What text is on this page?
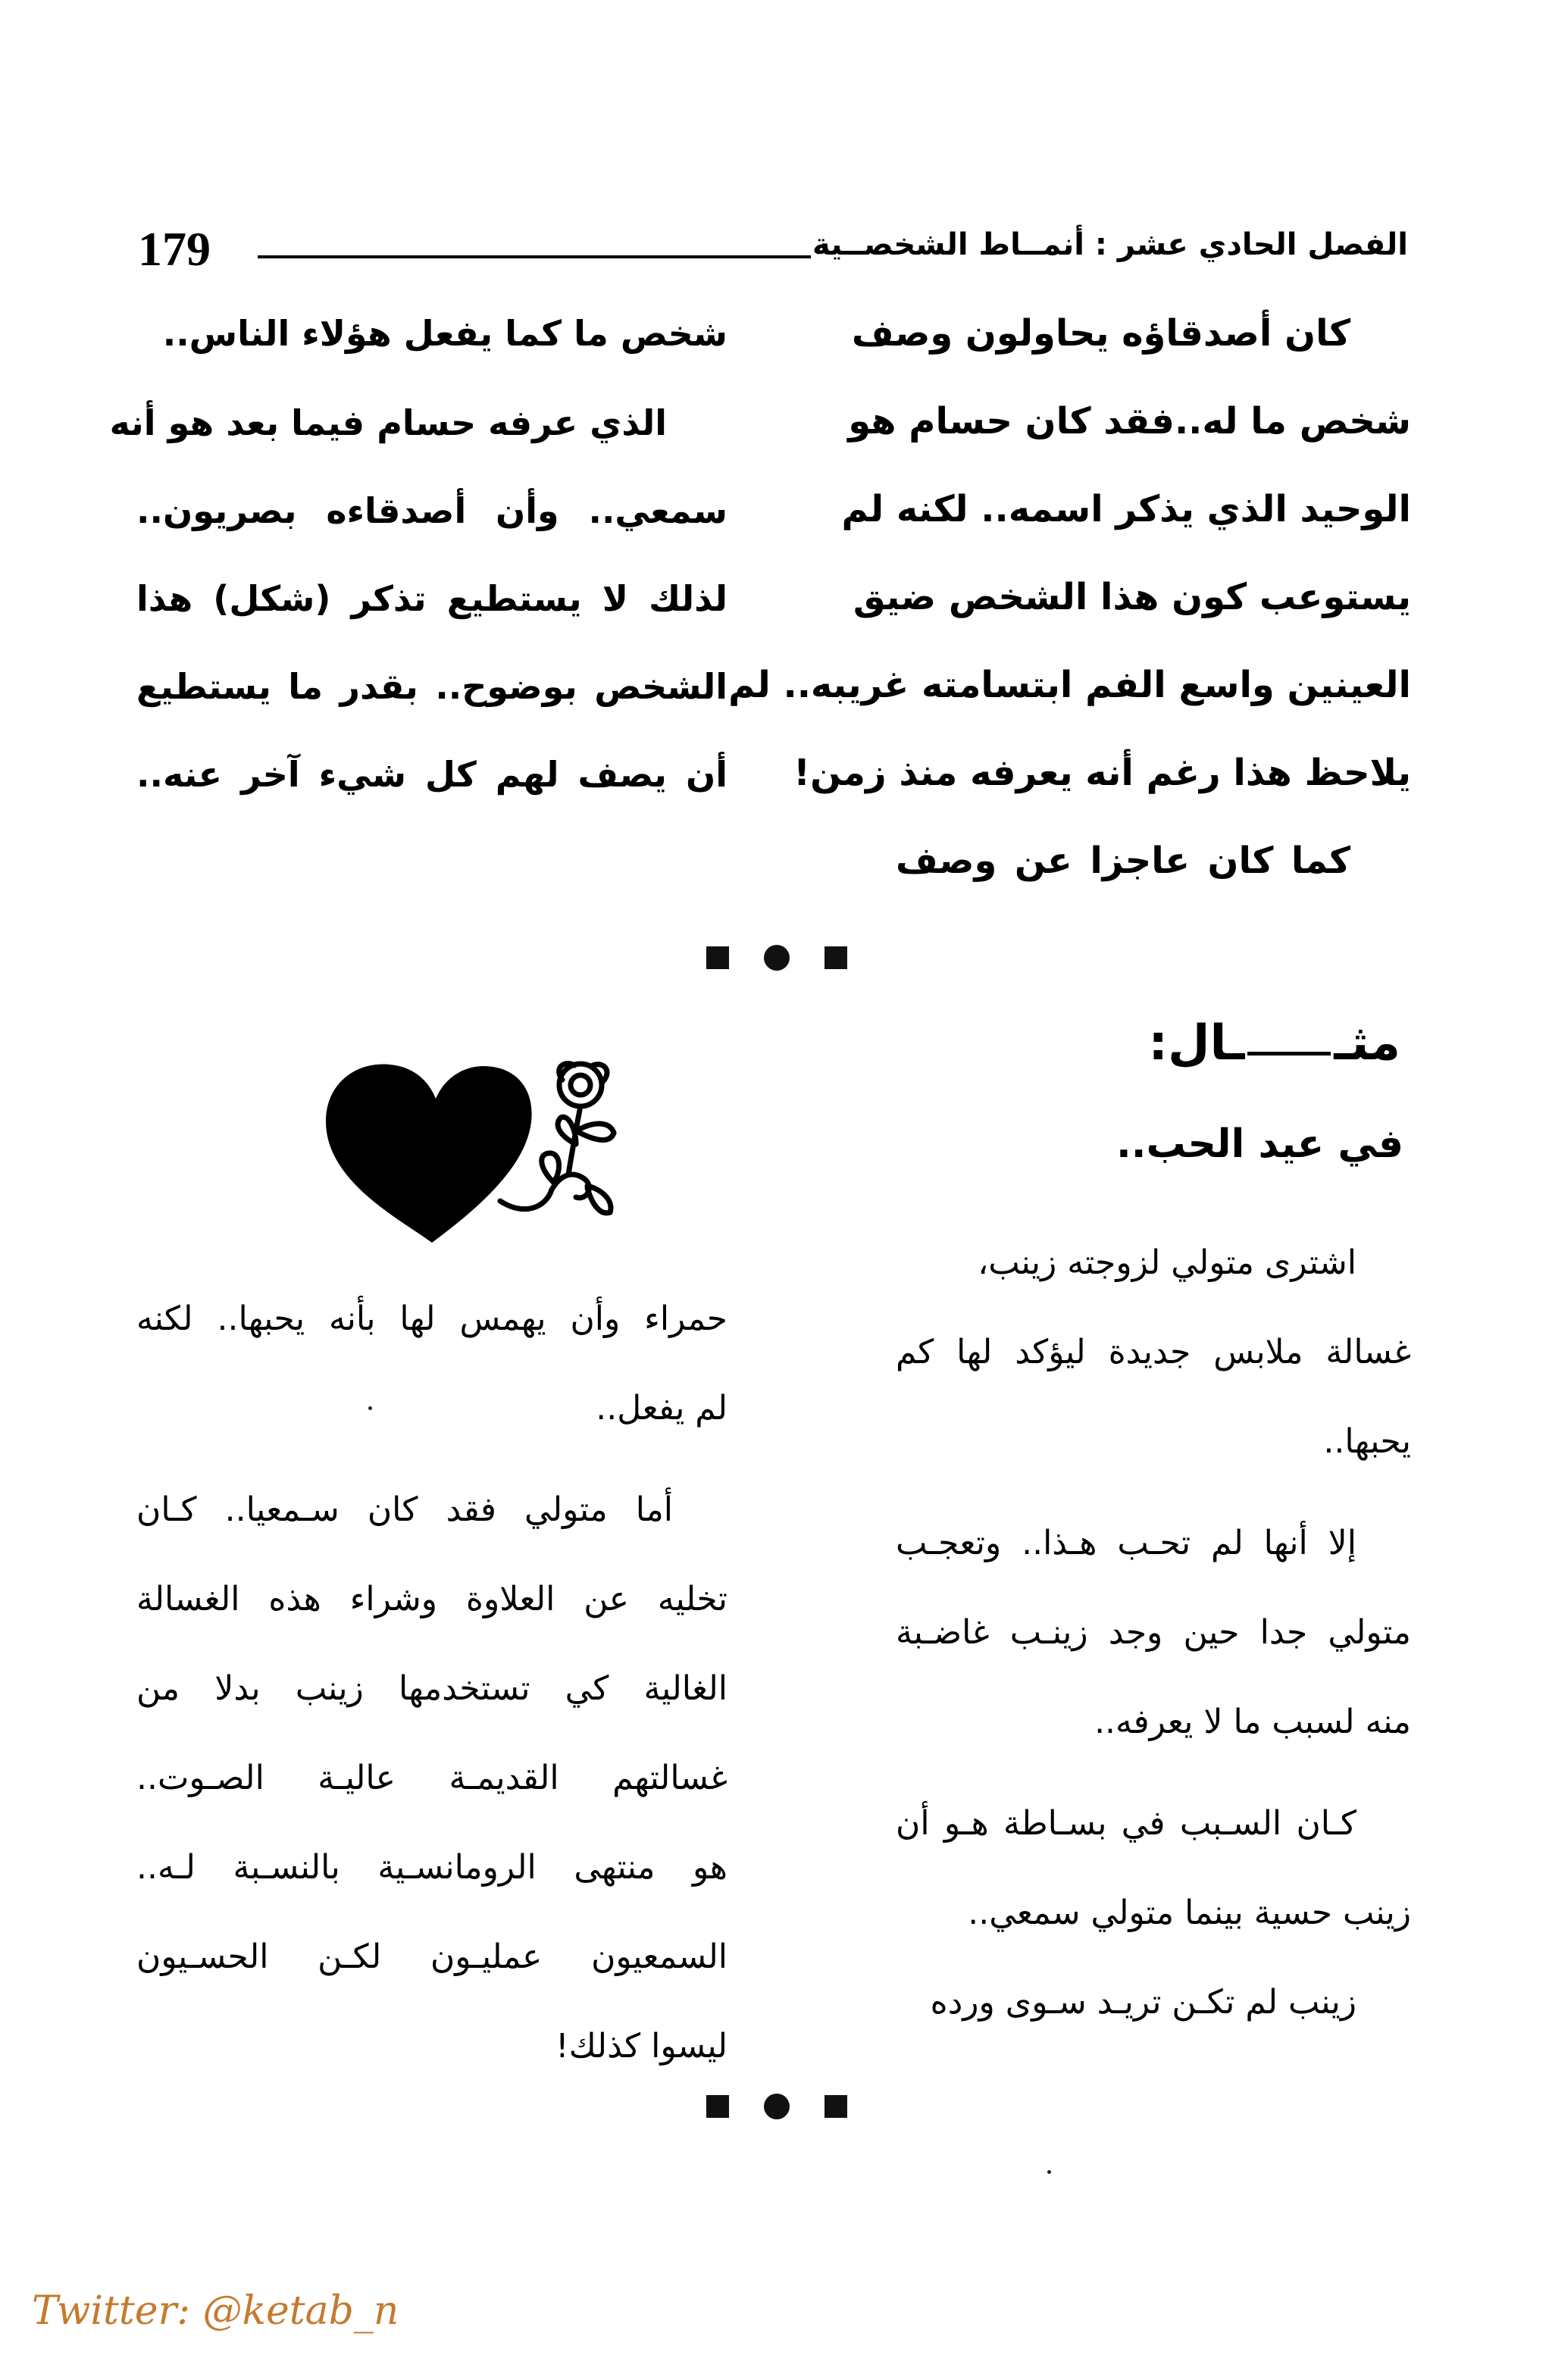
179	الفصل الحادي عشر : أنمــاط الشخصــية
كان أصدقاؤه يحاولون وصف
شخص ما له..فقد كان حسام هو
الوحيد الذي يذكر اسمه.. لكنه لم
يستوعب كون هذا الشخص ضيق
العينين واسع الفم ابتسامته غريبه.. لم
يلاحظ هذا رغم أنه يعرفه منذ زمن!
كما كان عاجزا عن وصف
شخص ما كما يفعل هؤلاء الناس..
الذي عرفه حسام فيما بعد هو أنه
سمعي.. وأن أصدقاءه بصريون..
لذلك لا يستطيع تذكر (شكل) هذا
الشخص بوضوح.. بقدر ما يستطيع
أن يصف لهم كل شيء آخر عنه..
مثــال:
في عيد الحب..
اشترى متولي لزوجته زينب،
غسالة ملابس جديدة ليؤكد لها كم
يحبها..
إلا أنها لم تحـب هـذا.. وتعجـب
متولي جدا حين وجد زينـب غاضـبة
منه لسبب ما لا يعرفه..
كـان السـبب في بسـاطة هـو أن
زينب حسية بينما متولي سمعي..
زينب لم تكـن تريـد سـوى ورده
حمراء وأن يهمس لها بأنه يحبها.. لكنه
لم يفعل..
أما متولي فقد كان سـمعيا.. كـان
تخليه عن العلاوة وشراء هذه الغسالة
الغالية كي تستخدمها زينب بدلا من
غسالتهم القديمـة عاليـة الصـوت..
هو منتهى الرومانسـية بالنسـبة لـه..
السمعيون عمليـون لكـن الحسـيون
ليسوا كذلك!
Twitter: @ketab_n
